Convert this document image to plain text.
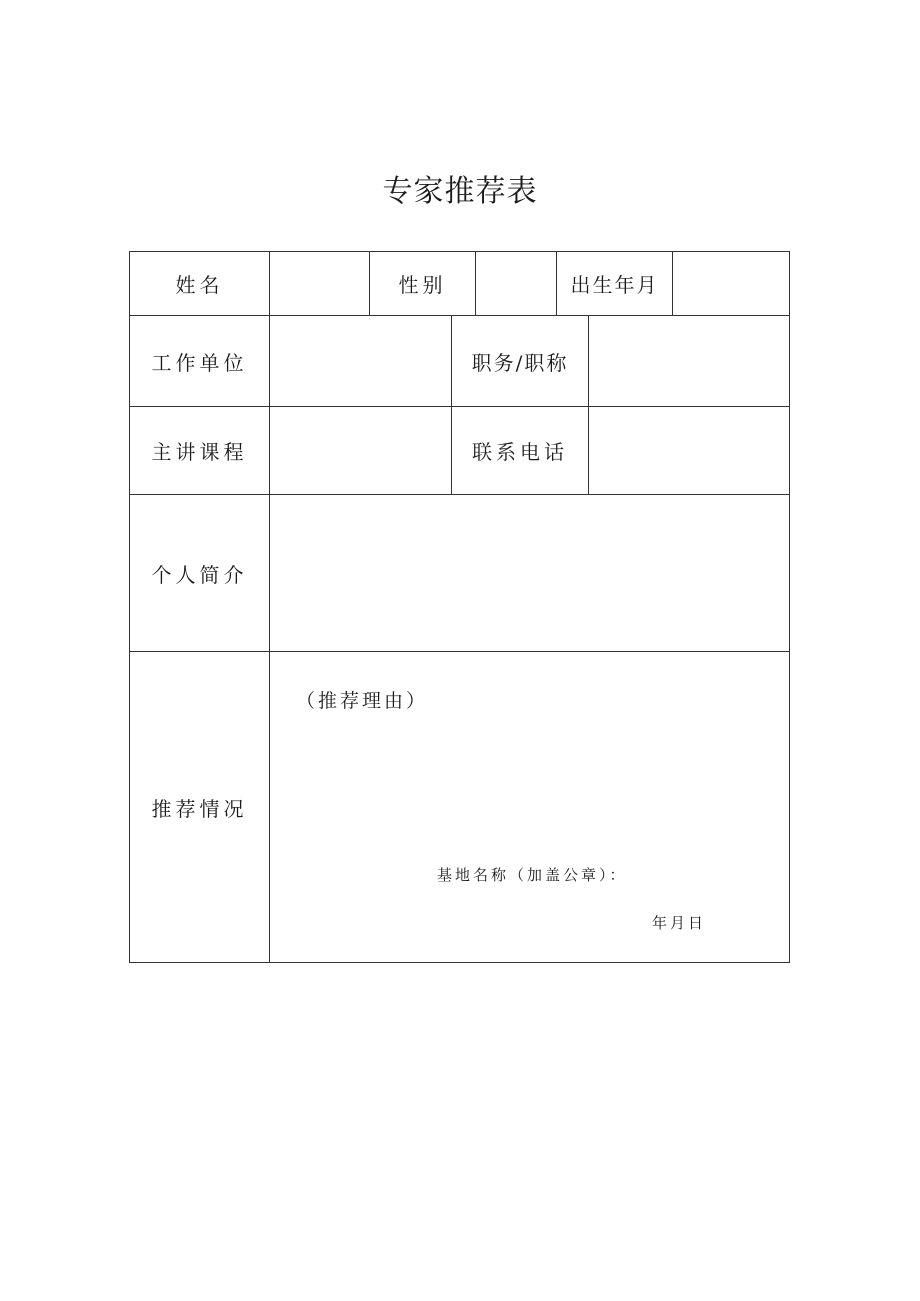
专家推荐表
姓名	性别	出生年月
工作单位	职务/职称
主讲课程	联系电话
个人简介
推荐情况
（推荐理由）
基地名称（加盖公章）：
年月日
